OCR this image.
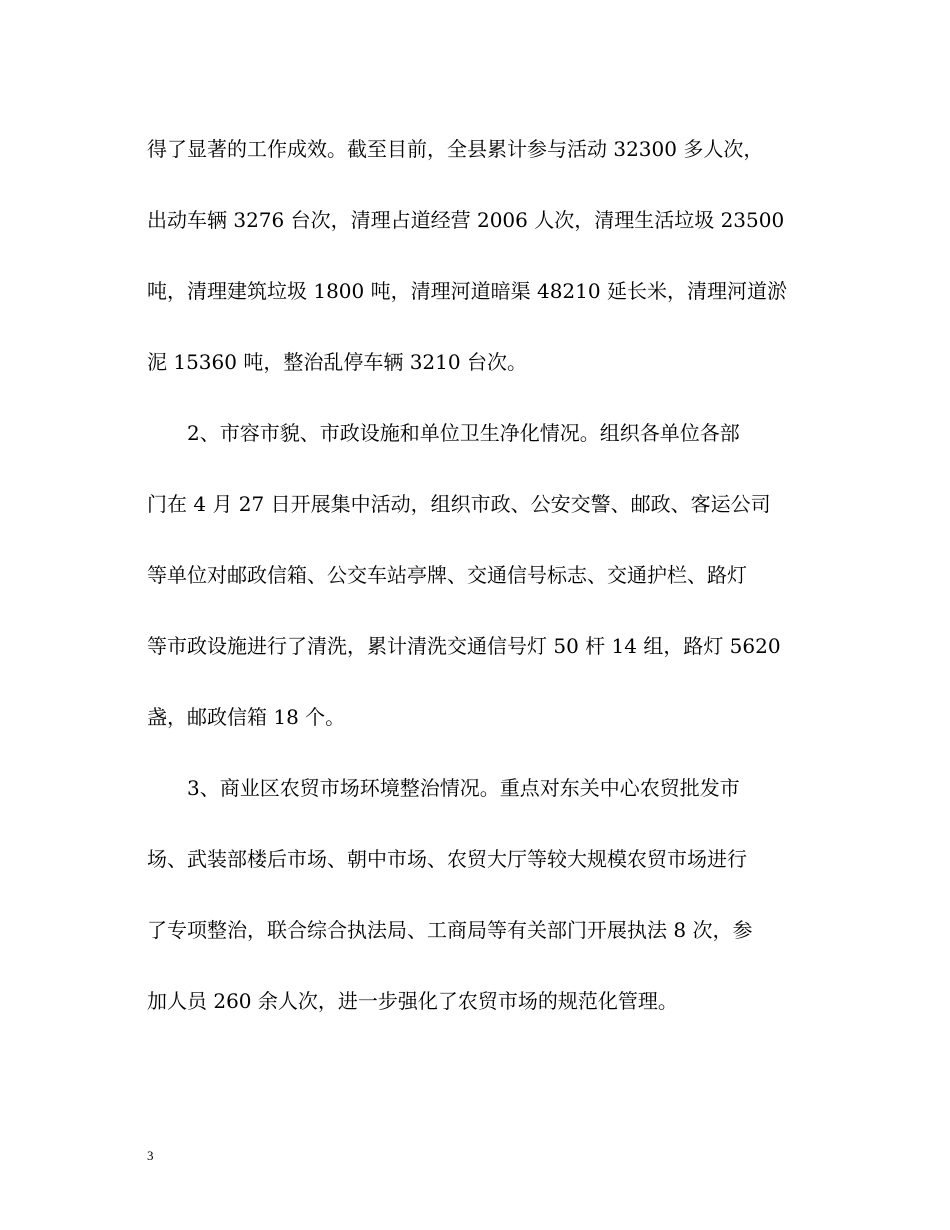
得了显著的工作成效。截至目前，全县累计参与活动 32300 多人次，
出动车辆 3276 台次，清理占道经营 2006 人次，清理生活垃圾 23500
吨，清理建筑垃圾 1800 吨，清理河道暗渠 48210 延长米，清理河道淤
泥 15360 吨，整治乱停车辆 3210 台次。
2、市容市貌、市政设施和单位卫生净化情况。组织各单位各部
门在 4 月 27 日开展集中活动，组织市政、公安交警、邮政、客运公司
等单位对邮政信箱、公交车站亭牌、交通信号标志、交通护栏、路灯
等市政设施进行了清洗，累计清洗交通信号灯 50 杆 14 组，路灯 5620
盏，邮政信箱 18 个。
3、商业区农贸市场环境整治情况。重点对东关中心农贸批发市
场、武装部楼后市场、朝中市场、农贸大厅等较大规模农贸市场进行
了专项整治，联合综合执法局、工商局等有关部门开展执法 8 次，参
加人员 260 余人次，进一步强化了农贸市场的规范化管理。
3
